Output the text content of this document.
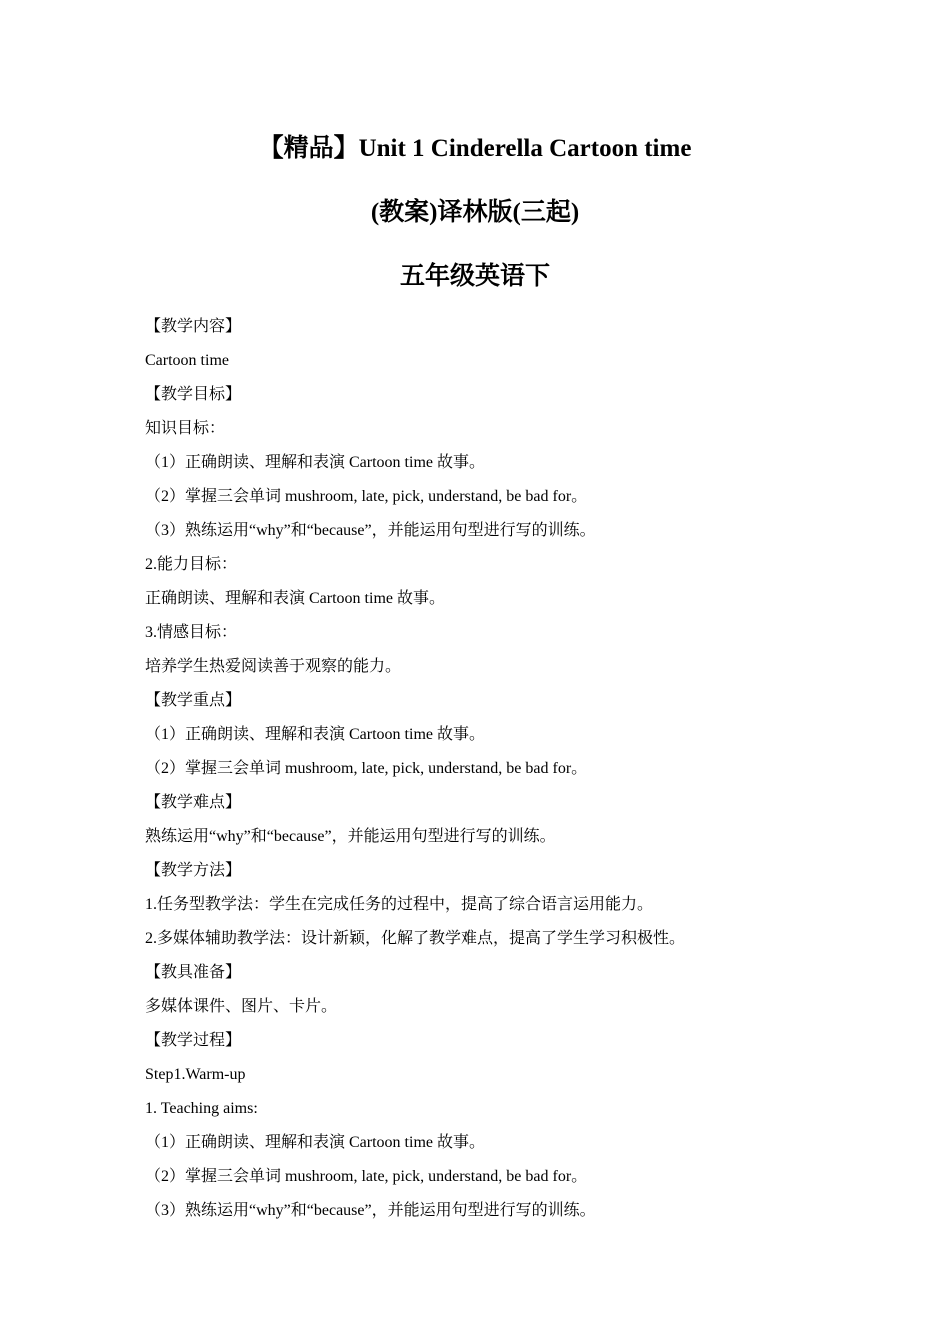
【精品】Unit 1 Cinderella Cartoon time
(教案)译林版(三起)
五年级英语下
【教学内容】
Cartoon time
【教学目标】
知识目标：
（1）正确朗读、理解和表演 Cartoon time 故事。
（2）掌握三会单词 mushroom, late, pick, understand, be bad for。
（3）熟练运用“why”和“because”，并能运用句型进行写的训练。
2.能力目标：
正确朗读、理解和表演 Cartoon time 故事。
3.情感目标：
培养学生热爱阅读善于观察的能力。
【教学重点】
（1）正确朗读、理解和表演 Cartoon time 故事。
（2）掌握三会单词 mushroom, late, pick, understand, be bad for。
【教学难点】
熟练运用“why”和“because”，并能运用句型进行写的训练。
【教学方法】
1.任务型教学法：学生在完成任务的过程中，提高了综合语言运用能力。
2.多媒体辅助教学法：设计新颖，化解了教学难点，提高了学生学习积极性。
【教具准备】
多媒体课件、图片、卡片。
【教学过程】
Step1.Warm-up
1. Teaching aims:
（1）正确朗读、理解和表演 Cartoon time 故事。
（2）掌握三会单词 mushroom, late, pick, understand, be bad for。
（3）熟练运用“why”和“because”，并能运用句型进行写的训练。
